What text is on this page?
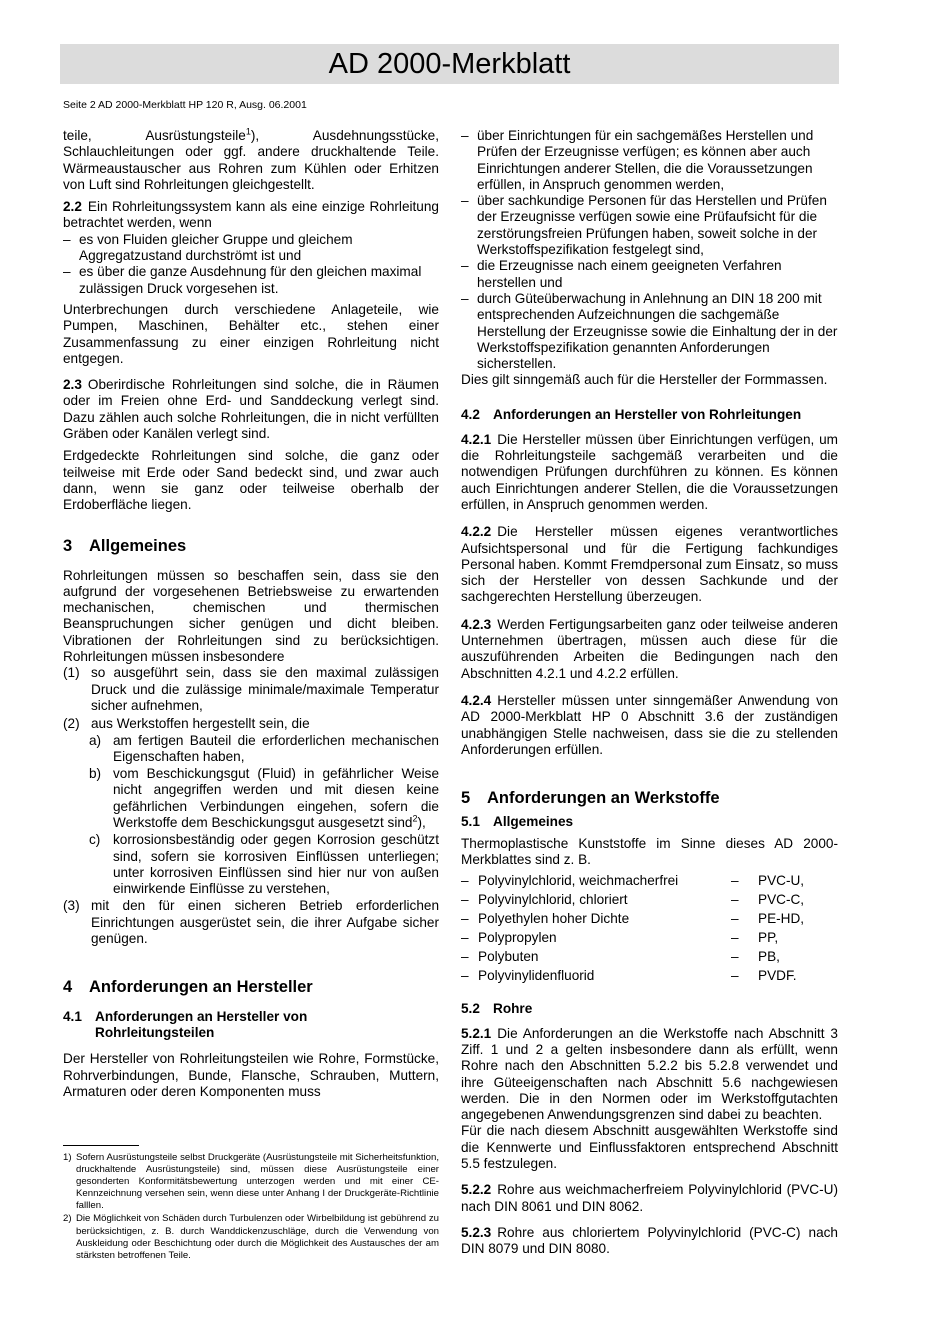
AD 2000-Merkblatt
Seite 2 AD 2000-Merkblatt HP 120 R, Ausg. 06.2001

teile, Ausrüstungsteile$^1$), Ausdehnungsstücke, Schlauchleitungen oder ggf. andere druckhaltende Teile. Wärmeaustauscher aus Rohren zum Kühlen oder Erhitzen von Luft sind Rohrleitungen gleichgestellt.

2.2 Ein Rohrleitungssystem kann als eine einzige Rohrleitung betrachtet werden, wenn

– es von Fluiden gleicher Gruppe und gleichem Aggregatzustand durchströmt ist und
– es über die ganze Ausdehnung für den gleichen maximal zulässigen Druck vorgesehen ist.

Unterbrechungen durch verschiedene Anlageteile, wie Pumpen, Maschinen, Behälter etc., stehen einer Zusammenfassung zu einer einzigen Rohrleitung nicht entgegen.

2.3 Oberirdische Rohrleitungen sind solche, die in Räumen oder im Freien ohne Erd- und Sanddeckung verlegt sind. Dazu zählen auch solche Rohrleitungen, die in nicht verfüllten Gräben oder Kanälen verlegt sind.

Erdgedeckte Rohrleitungen sind solche, die ganz oder teilweise mit Erde oder Sand bedeckt sind, und zwar auch dann, wenn sie ganz oder teilweise oberhalb der Erdoberfläche liegen.

3 Allgemeines

Rohrleitungen müssen so beschaffen sein, dass sie den aufgrund der vorgesehenen Betriebsweise zu erwartenden mechanischen, chemischen und thermischen Beanspruchungen sicher genügen und dicht bleiben. Vibrationen der Rohrleitungen sind zu berücksichtigen. Rohrleitungen müssen insbesondere

(1) so ausgeführt sein, dass sie den maximal zulässigen Druck und die zulässige minimale/maximale Temperatur sicher aufnehmen,
(2) aus Werkstoffen hergestellt sein, die
a) am fertigen Bauteil die erforderlichen mechanischen Eigenschaften haben,
b) vom Beschickungsgut (Fluid) in gefährlicher Weise nicht angegriffen werden und mit diesen keine gefährlichen Verbindungen eingehen, sofern die Werkstoffe dem Beschickungsgut ausgesetzt sind$^2$),
c) korrosionsbeständig oder gegen Korrosion geschützt sind, sofern sie korrosiven Einflüssen unterliegen; unter korrosiven Einflüssen sind hier nur von außen einwirkende Einflüsse zu verstehen,
(3) mit den für einen sicheren Betrieb erforderlichen Einrichtungen ausgerüstet sein, die ihrer Aufgabe sicher genügen.
4 Anforderungen an Hersteller
4.1 Anforderungen an Hersteller von Rohrleitungsteilen

Der Hersteller von Rohrleitungsteilen wie Rohre, Formstücke, Rohrverbindungen, Bunde, Flansche, Schrauben, Muttern, Armaturen oder deren Komponenten muss

– über Einrichtungen für ein sachgemäßes Herstellen und Prüfen der Erzeugnisse verfügen; es können aber auch Einrichtungen anderer Stellen, die die Voraussetzungen erfüllen, in Anspruch genommen werden,
– über sachkundige Personen für das Herstellen und Prüfen der Erzeugnisse verfügen sowie eine Prüfaufsicht für die zerstörungsfreien Prüfungen haben, soweit solche in der Werkstoffspezifikation festgelegt sind,
– die Erzeugnisse nach einem geeigneten Verfahren herstellen und
– durch Güteüberwachung in Anlehnung an DIN 18 200 mit entsprechenden Aufzeichnungen die sachgemäße Herstellung der Erzeugnisse sowie die Einhaltung der in der Werkstoffspezifikation genannten Anforderungen sicherstellen.

Dies gilt sinngemäß auch für die Hersteller der Formmassen.

4.2 Anforderungen an Hersteller von Rohrleitungen

4.2.1 Die Hersteller müssen über Einrichtungen verfügen, um die Rohrleitungsteile sachgemäß verarbeiten und die notwendigen Prüfungen durchführen zu können. Es können auch Einrichtungen anderer Stellen, die die Voraussetzungen erfüllen, in Anspruch genommen werden.

4.2.2 Die Hersteller müssen eigenes verantwortliches Aufsichtspersonal und für die Fertigung fachkundiges Personal haben. Kommt Fremdpersonal zum Einsatz, so muss sich der Hersteller von dessen Sachkunde und der sachgerechten Herstellung überzeugen.

4.2.3 Werden Fertigungsarbeiten ganz oder teilweise anderen Unternehmen übertragen, müssen auch diese für die auszuführenden Arbeiten die Bedingungen nach den Abschnitten 4.2.1 und 4.2.2 erfüllen.

4.2.4 Hersteller müssen unter sinngemäßer Anwendung von AD 2000-Merkblatt HP 0 Abschnitt 3.6 der zuständigen unabhängigen Stelle nachweisen, dass sie die zu stellenden Anforderungen erfüllen.

5 Anforderungen an Werkstoffe
5.1 Allgemeines

Thermoplastische Kunststoffe im Sinne dieses AD 2000-Merkblattes sind z. B.

– Polyvinylchlorid, weichmacherfrei	–	PVC-U,
– Polyvinylchlorid, chloriert	–	PVC-C,
– Polyethylen hoher Dichte	–	PE-HD,
– Polypropylen	–	PP,
– Polybuten	–	PB,
– Polyvinylidenfluorid	–	PVDF.
5.2 Rohre

5.2.1 Die Anforderungen an die Werkstoffe nach Abschnitt 3 Ziff. 1 und 2 a gelten insbesondere dann als erfüllt, wenn Rohre nach den Abschnitten 5.2.2 bis 5.2.8 verwendet und ihre Güteeigenschaften nach Abschnitt 5.6 nachgewiesen werden. Die in den Normen oder im Werkstoffgutachten angegebenen Anwendungsgrenzen sind dabei zu beachten.

Für die nach diesem Abschnitt ausgewählten Werkstoffe sind die Kennwerte und Einflussfaktoren entsprechend Abschnitt 5.5 festzulegen.

5.2.2 Rohre aus weichmacherfreiem Polyvinylchlorid (PVC-U) nach DIN 8061 und DIN 8062.

5.2.3 Rohre aus chloriertem Polyvinylchlorid (PVC-C) nach DIN 8079 und DIN 8080.

1) Sofern Ausrüstungsteile selbst Druckgeräte (Ausrüstungsteile mit Sicherheitsfunktion, druckhaltende Ausrüstungsteile) sind, müssen diese Ausrüstungsteile einer gesonderten Konformitätsbewertung unterzogen werden und mit einer CE-Kennzeichnung versehen sein, wenn diese unter Anhang I der Druckgeräte-Richtlinie falllen.
2) Die Möglichkeit von Schäden durch Turbulenzen oder Wirbelbildung ist gebührend zu berücksichtigen, z. B. durch Wanddickenzuschläge, durch die Verwendung von Auskleidung oder Beschichtung oder durch die Möglichkeit des Austausches der am stärksten betroffenen Teile.
